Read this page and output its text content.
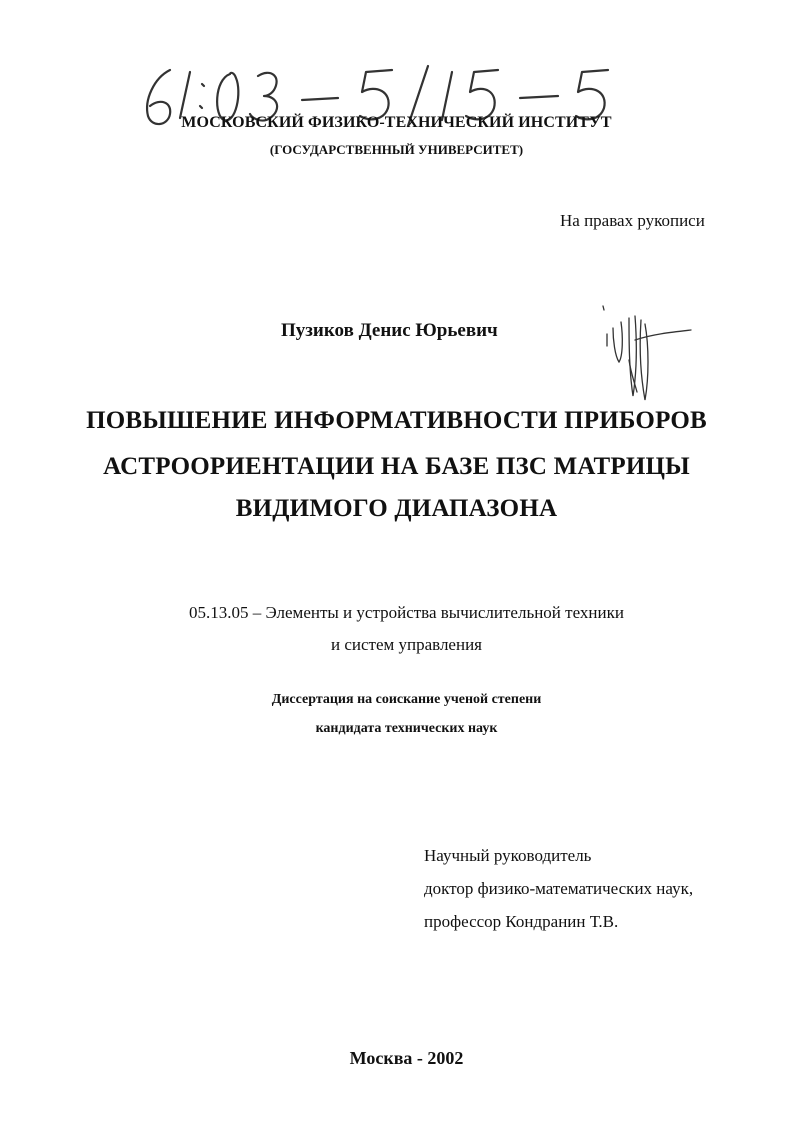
МОСКОВСКИЙ ФИЗИКО-ТЕХНИЧЕСКИЙ ИНСТИТУТ
(ГОСУДАРСТВЕННЫЙ УНИВЕРСИТЕТ)
На правах рукописи
Пузиков Денис Юрьевич
ПОВЫШЕНИЕ ИНФОРМАТИВНОСТИ ПРИБОРОВ
АСТРООРИЕНТАЦИИ НА БАЗЕ ПЗС МАТРИЦЫ
ВИДИМОГО ДИАПАЗОНА
05.13.05 – Элементы и устройства вычислительной техники
и систем управления
Диссертация на соискание ученой степени
кандидата технических наук
Научный руководитель
доктор физико-математических наук,
профессор Кондранин Т.В.
Москва - 2002
